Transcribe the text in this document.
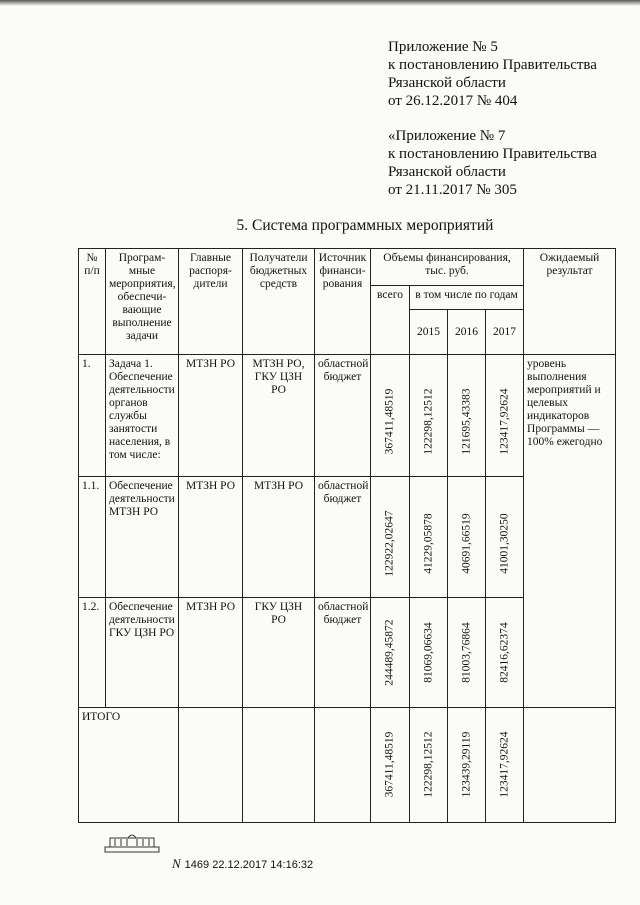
Приложение № 5
к постановлению Правительства
Рязанской области
от 26.12.2017 № 404
«Приложение № 7
к постановлению Правительства
Рязанской области
от 21.11.2017 № 305
5. Система программных мероприятий
№ п/п	Програм-мные мероприятия, обеспечи-вающие выполнение задачи	Главные распоря-дители	Получатели бюджетных средств	Источник финанси-рования	Объемы финансирования, тыс. руб.				Ожидаемый результат
					всего	в том числе по годам			
						2015	2016	2017	
1.	Задача 1. Обеспечение деятельности органов службы занятости населения, в том числе:	МТЗН РО	МТЗН РО, ГКУ ЦЗН РО	областной бюджет	367411,48519	122298,12512	121695,43383	123417,92624	уровень выполнения мероприятий и целевых индикаторов Программы — 100% ежегодно
1.1.	Обеспечение деятельности МТЗН РО	МТЗН РО	МТЗН РО	областной бюджет	122922,02647	41229,05878	40691,66519	41001,30250	

1.2.	Обеспечение деятельности ГКУ ЦЗН РО	МТЗН РО	ГКУ ЦЗН РО	областной бюджет	244489,45872	81069,06634	81003,76864	82416,62374	

ИТОГО					367411,48519	122298,12512	123439,29119	123417,92624	

N 1469 22.12.2017 14:16:32
